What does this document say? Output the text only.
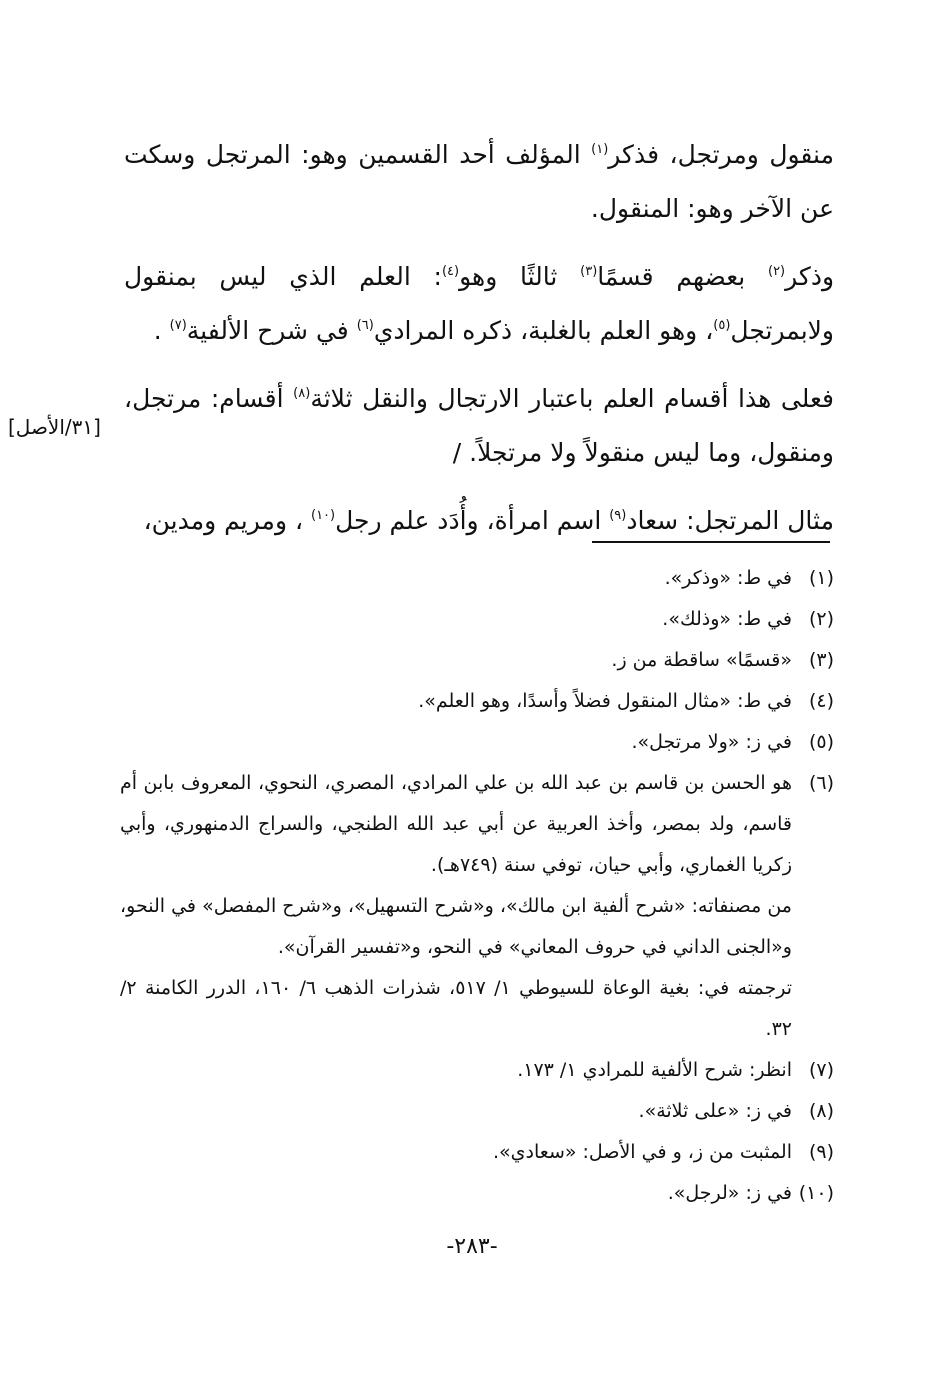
منقول ومرتجل، فذكر$^{(١)}$ المؤلف أحد القسمين وهو: المرتجل وسكت عن الآخر وهو: المنقول.

وذكر$^{(٢)}$ بعضهم قسمًا$^{(٣)}$ ثالثًا وهو$^{(٤)}$: العلم الذي ليس بمنقول ولابمرتجل$^{(٥)}$، وهو العلم بالغلبة، ذكره المرادي$^{(٦)}$ في شرح الألفية$^{(٧)}$ .

فعلى هذا أقسام العلم باعتبار الارتجال والنقل ثلاثة$^{(٨)}$ أقسام: مرتجل، ومنقول، وما ليس منقولاً ولا مرتجلاً. /

مثال المرتجل: سعاد$^{(٩)}$ اسم امرأة، وأُدَد علم رجل$^{(١٠)}$ ، ومريم ومدين،

[٣١/الأصل]
(١)
في ط: «وذكر».
(٢)
في ط: «وذلك».
(٣)
«قسمًا» ساقطة من ز.
(٤)
في ط: «مثال المنقول فضلاً وأسدًا، وهو العلم».
(٥)
في ز: «ولا مرتجل».
(٦)
هو الحسن بن قاسم بن عبد الله بن علي المرادي، المصري، النحوي، المعروف بابن أم قاسم، ولد بمصر، وأخذ العربية عن أبي عبد الله الطنجي، والسراج الدمنهوري، وأبي زكريا الغماري، وأبي حيان، توفي سنة (٧٤٩هـ).
من مصنفاته: «شرح ألفية ابن مالك»، و«شرح التسهيل»، و«شرح المفصل» في النحو، و«الجنى الداني في حروف المعاني» في النحو، و«تفسير القرآن».
ترجمته في: بغية الوعاة للسيوطي ١/ ٥١٧، شذرات الذهب ٦/ ١٦٠، الدرر الكامنة ٢/ ٣٢.
(٧)
انظر: شرح الألفية للمرادي ١/ ١٧٣.
(٨)
في ز: «على ثلاثة».
(٩)
المثبت من ز، و في الأصل: «سعادي».
(١٠)
في ز: «لرجل».
-٢٨٣-
